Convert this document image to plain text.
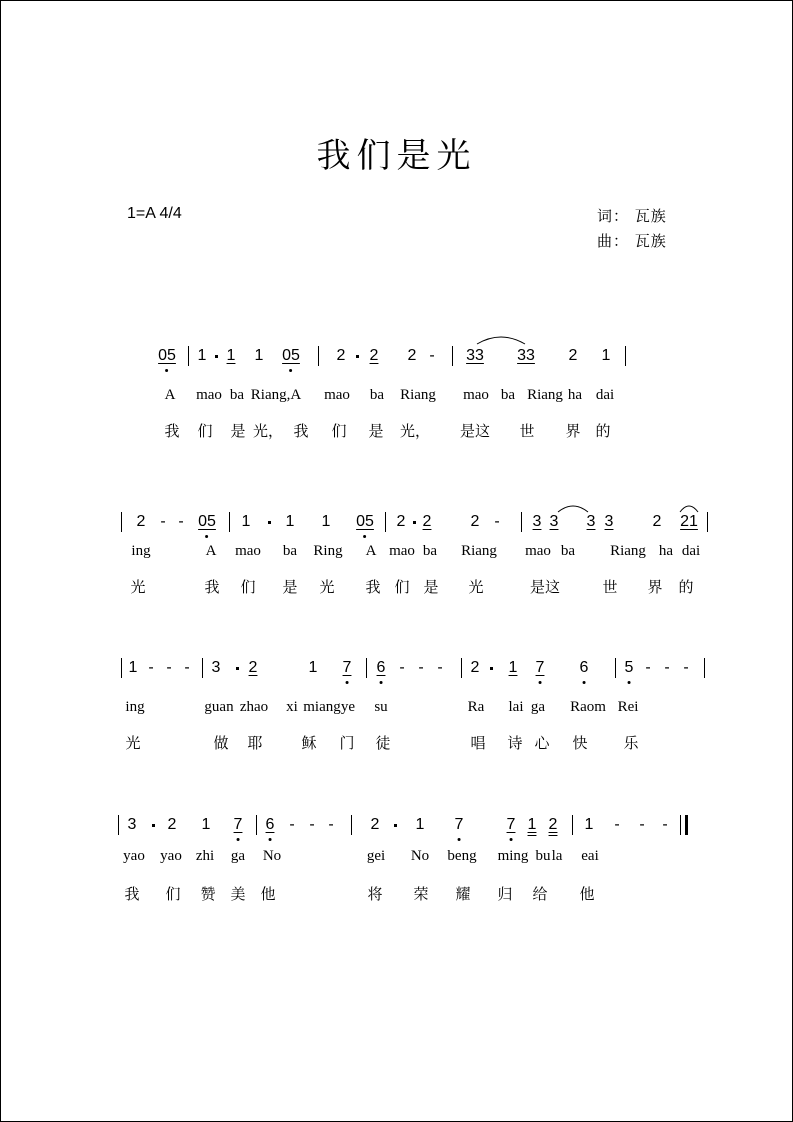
我们是光
1=A 4/4	词： 瓦族
曲： 瓦族
05 1 1 1 05 2 2 2 - 33 33 2 1
A mao ba Riang,A mao ba Riang mao ba Riang ha dai
我 们 是 光， 我 们 是 光， 是这 世 界 的
2 - - 05 1 1 1 05 2 2 2 - 3 3 3 3 2 21
ing	A mao ba Ring A mao ba Riang mao ba Riang ha dai
光	我 们 是 光 我 们 是 光	是这	世 界 的
1 - - - 3 2	1 7 6 - - - 2 1 7 6 5 - - -
ing	guan zhao xi miang ye su	Ra lai ga Raom Rei
光	做 耶	稣 门 徒	唱 诗 心 快 乐
3 2 1 7 6 - - - 2 1 7	7 1 2 1 - - -
yao yao zhi ga No	gei No beng ming bu la eai
我 们 赞 美 他	将 荣 耀 归 给 他
